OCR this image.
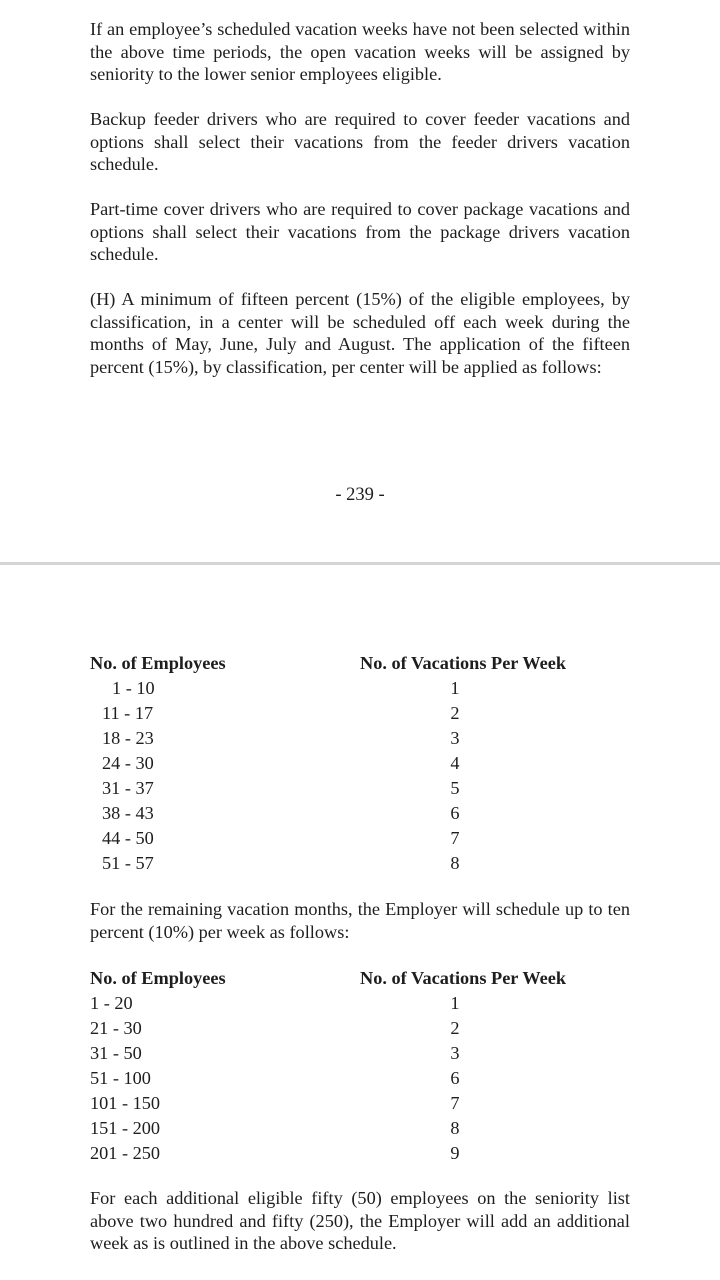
If an employee’s scheduled vacation weeks have not been selected within the above time periods, the open vacation weeks will be assigned by seniority to the lower senior employees eligible.

Backup feeder drivers who are required to cover feeder vacations and options shall select their vacations from the feeder drivers vacation schedule.

Part-time cover drivers who are required to cover package vacations and options shall select their vacations from the package drivers vacation schedule.

(H) A minimum of fifteen percent (15%) of the eligible employees, by classification, in a center will be scheduled off each week during the months of May, June, July and August. The application of the fifteen percent (15%), by classification, per center will be applied as follows:

- 239 -
No. of Employees	No. of Vacations Per Week
1 - 10	1
11 - 17	2
18 - 23	3
24 - 30	4
31 - 37	5
38 - 43	6
44 - 50	7
51 - 57	8

For the remaining vacation months, the Employer will schedule up to ten percent (10%) per week as follows:

No. of Employees	No. of Vacations Per Week
1 - 20	1
21 - 30	2
31 - 50	3
51 - 100	6
101 - 150	7
151 - 200	8
201 - 250	9

For each additional eligible fifty (50) employees on the seniority list above two hundred and fifty (250), the Employer will add an additional week as is outlined in the above schedule.
